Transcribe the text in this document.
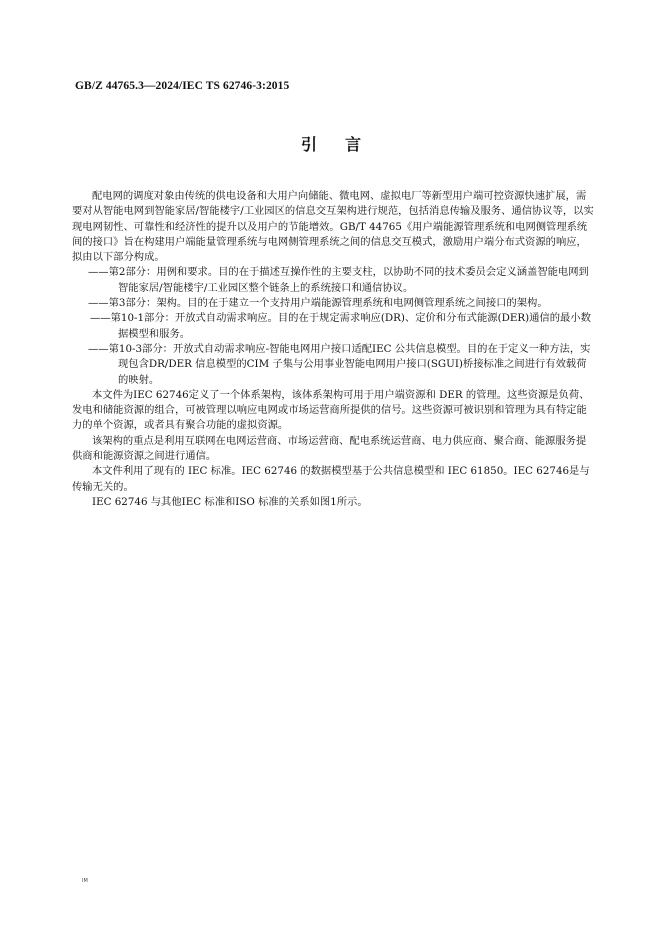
GB/Z 44765.3—2024/IEC TS 62746-3:2015
引言

配电网的调度对象由传统的供电设备和大用户向储能、微电网、虚拟电厂等新型用户端可控资源快速扩展，需要对从智能电网到智能家居/智能楼宇/工业园区的信息交互架构进行规范，包括消息传输及服务、通信协议等，以实现电网韧性、可靠性和经济性的提升以及用户的节能增效。GB/T 44765《用户端能源管理系统和电网侧管理系统间的接口》旨在构建用户端能量管理系统与电网侧管理系统之间的信息交互模式，激励用户端分布式资源的响应，拟由以下部分构成。

——第2部分：用例和要求。目的在于描述互操作性的主要支柱，以协助不同的技术委员会定义涵盖智能电网到智能家居/智能楼宇/工业园区整个链条上的系统接口和通信协议。

——第3部分：架构。目的在于建立一个支持用户端能源管理系统和电网侧管理系统之间接口的架构。

——第10-1部分：开放式自动需求响应。目的在于规定需求响应(DR)、定价和分布式能源(DER)通信的最小数据模型和服务。

——第10-3部分：开放式自动需求响应-智能电网用户接口适配IEC 公共信息模型。目的在于定义一种方法，实现包含DR/DER 信息模型的CIM 子集与公用事业智能电网用户接口(SGUI)桥接标准之间进行有效载荷的映射。

本文件为IEC 62746定义了一个体系架构，该体系架构可用于用户端资源和 DER 的管理。这些资源是负荷、发电和储能资源的组合，可被管理以响应电网或市场运营商所提供的信号。这些资源可被识别和管理为具有特定能力的单个资源，或者具有聚合功能的虚拟资源。

该架构的重点是利用互联网在电网运营商、市场运营商、配电系统运营商、电力供应商、聚合商、能源服务提供商和能源资源之间进行通信。

本文件利用了现有的 IEC 标准。IEC 62746 的数据模型基于公共信息模型和 IEC 61850。IEC 62746是与传输无关的。

IEC 62746 与其他IEC 标准和ISO 标准的关系如图1所示。

IM
